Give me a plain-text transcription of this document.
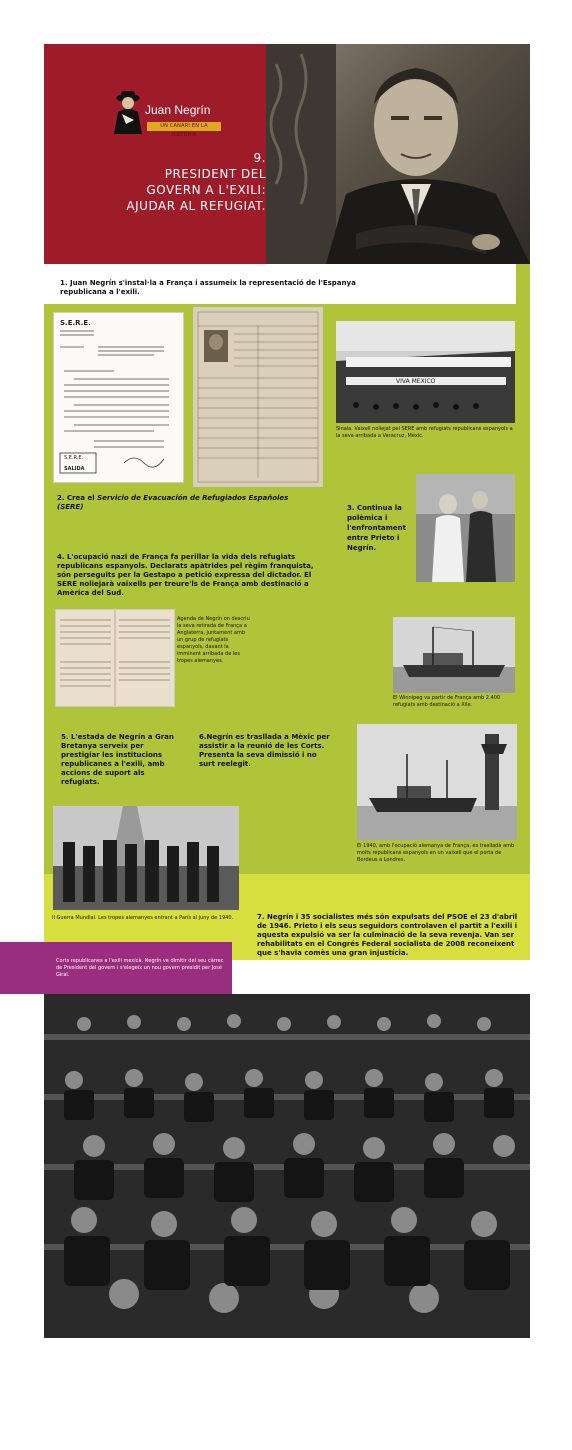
Juan Negrín
UN CANARI EN LA HISTÒRIA
9.
PRESIDENT DEL
GOVERN A L'EXILI:
AJUDAR AL REFUGIAT.
1. Juan Negrín s'instal·la a França i assumeix la representació de l'Espanya republicana a l'exili.
S.E.R.E.
S.E.R.E.
SALIDA
VIVA MEXICO
Sinaia. Vaixell noliejat pel SERE amb refugiats republicans espanyols a la seva arribada a Veracruz, Mèxic.
2. Crea el Servicio de Evacuación de Refugiados Españoles (SERE)	3. Continua la polèmica i l'enfrontament entre Prieto i Negrín.
4. L'ocupació nazi de França fa perillar la vida dels refugiats republicans espanyols. Declarats apàtrides pel règim franquista, són perseguits per la Gestapo a petició expressa del dictador. El SERE noliejarà vaixells per treure'ls de França amb destinació a Amèrica del Sud.
Agenda de Negrín on descriu la seva retirada de França a Anglaterra, juntament amb un grup de refugiats espanyols, davant la imminent arribada de les tropes alemanyes.
El Winnipeg va partir de França amb 2.400 refugiats amb destinació a Xile.
5. L'estada de Negrín a Gran Bretanya serveix per prestigiar les institucions republicanes a l'exili, amb accions de suport als refugiats.
6.Negrín es trasllada a Mèxic per assistir a la reunió de les Corts. Presenta la seva dimissió i no surt reelegit.
El 1940, amb l'ocupació alemanya de França, es traslladà amb molts republicans espanyols en un vaixell que el porta de Bordeus a Londres.
II Guerra Mundial. Les tropes alemanyes entrant a París al juny de 1940.	7. Negrín i 35 socialistes més són expulsats del PSOE el 23 d'abril de 1946. Prieto i els seus seguidors controlaven el partit a l'exili i aquesta expulsió va ser la culminació de la seva revenja. Van ser rehabilitats en el Congrés Federal socialista de 2008 reconeixent que s'havia comès una gran injustícia.
Corts republicanes a l'exili mexicà. Negrín va dimitir del seu càrrec de President del govern i s'elegeix un nou govern presidit per José Giral.
